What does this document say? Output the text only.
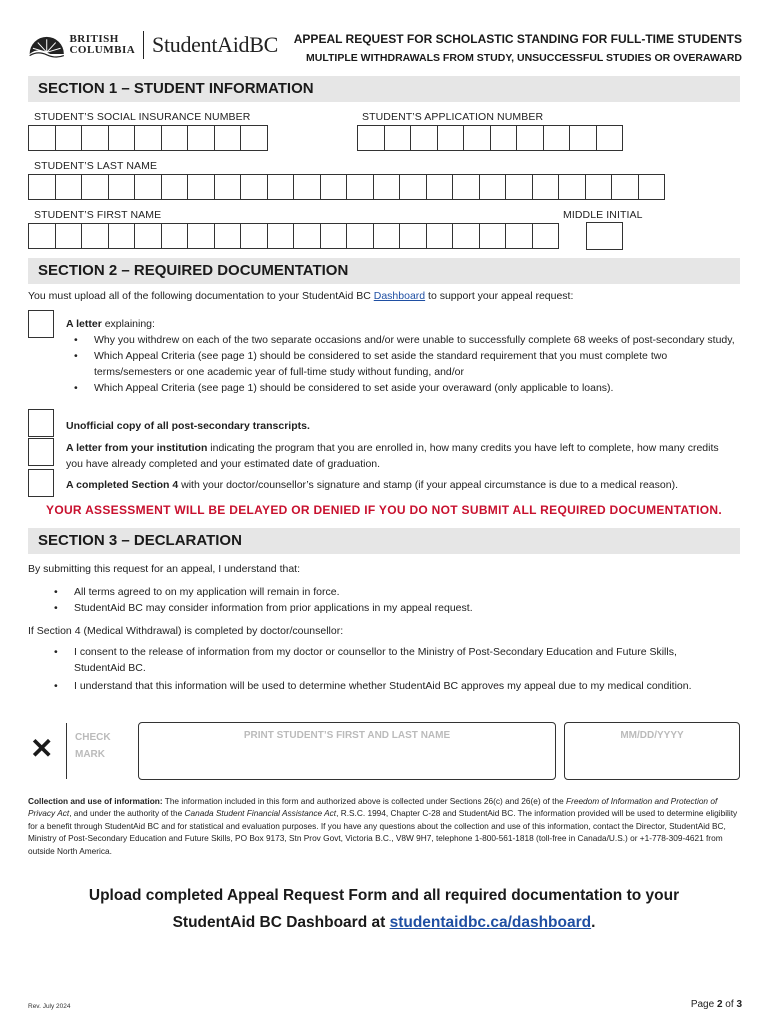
BRITISH
COLUMBIA StudentAidBC APPEAL REQUEST FOR SCHOLASTIC STANDING FOR FULL-TIME STUDENTS
MULTIPLE WITHDRAWALS FROM STUDY, UNSUCCESSFUL STUDIES OR OVERAWARD
SECTION 1 – STUDENT INFORMATION
STUDENT’S SOCIAL INSURANCE NUMBER	STUDENT’S APPLICATION NUMBER
STUDENT’S LAST NAME
STUDENT’S FIRST NAME	MIDDLE INITIAL
SECTION 2 – REQUIRED DOCUMENTATION
You must upload all of the following documentation to your StudentAid BC Dashboard to support your appeal request:
A letter explaining:
• Why you withdrew on each of the two separate occasions and/or were unable to successfully complete 68 weeks of post-secondary study,
• Which Appeal Criteria (see page 1) should be considered to set aside the standard requirement that you must complete two terms/semesters or one academic year of full-time study without funding, and/or
• Which Appeal Criteria (see page 1) should be considered to set aside your overaward (only applicable to loans).
Unofficial copy of all post-secondary transcripts.
A letter from your institution indicating the program that you are enrolled in, how many credits you have left to complete, how many credits you have already completed and your estimated date of graduation.
A completed Section 4 with your doctor/counsellor’s signature and stamp (if your appeal circumstance is due to a medical reason).
YOUR ASSESSMENT WILL BE DELAYED OR DENIED IF YOU DO NOT SUBMIT ALL REQUIRED DOCUMENTATION.
SECTION 3 – DECLARATION
By submitting this request for an appeal, I understand that:
• All terms agreed to on my application will remain in force.
• StudentAid BC may consider information from prior applications in my appeal request.
If Section 4 (Medical Withdrawal) is completed by doctor/counsellor:
• I consent to the release of information from my doctor or counsellor to the Ministry of Post-Secondary Education and Future Skills, StudentAid BC.
• I understand that this information will be used to determine whether StudentAid BC approves my appeal due to my medical condition.
✕ CHECK
MARK
PRINT STUDENT’S FIRST AND LAST NAME	MM/DD/YYYY
Collection and use of information: The information included in this form and authorized above is collected under Sections 26(c) and 26(e) of the Freedom of Information and Protection of Privacy Act, and under the authority of the Canada Student Financial Assistance Act, R.S.C. 1994, Chapter C-28 and StudentAid BC. The information provided will be used to determine eligibility for a benefit through StudentAid BC and for statistical and evaluation purposes. If you have any questions about the collection and use of this information, contact the Director, StudentAid BC, Ministry of Post-Secondary Education and Future Skills, PO Box 9173, Stn Prov Govt, Victoria B.C., V8W 9H7, telephone 1-800-561-1818 (toll-free in Canada/U.S.) or +1-778-309-4621 from outside North America.
Upload completed Appeal Request Form and all required documentation to your
StudentAid BC Dashboard at studentaidbc.ca/dashboard.
Rev. July 2024	Page 2 of 3
